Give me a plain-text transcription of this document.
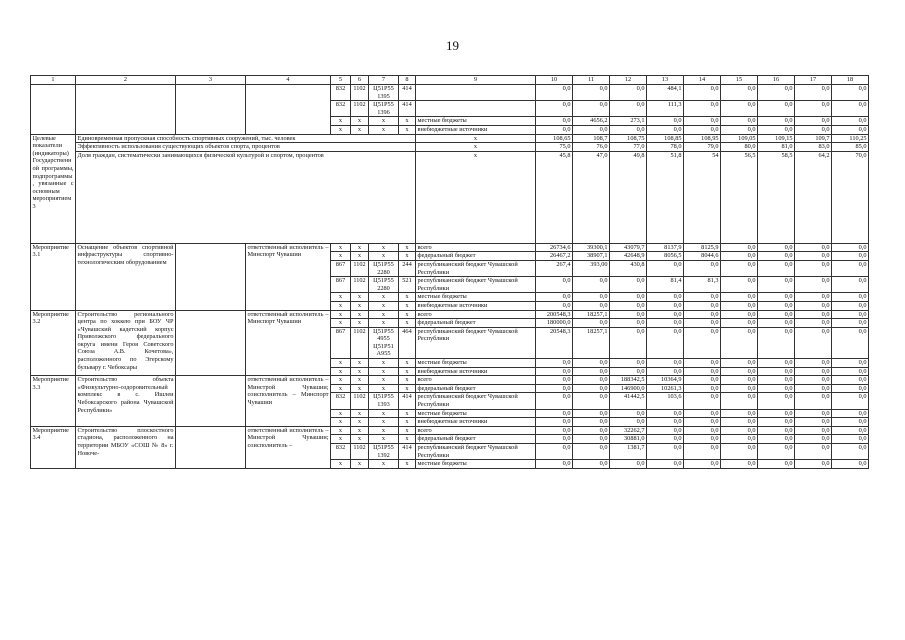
19
1	2	3	4	5	6	7	8	9	10	11	12	13	14	15	16	17	18
				832	1102	Ц51Р55 1395	414		0,0	0,0	0,0	484,1	0,0	0,0	0,0	0,0	0,0
				832	1102	Ц51Р55 1396	414		0,0	0,0	0,0	111,3	0,0	0,0	0,0	0,0	0,0
				x	x	x	x	местные бюджеты	0,0	4656,2	273,1	0,0	0,0	0,0	0,0	0,0	0,0
				x	x	x	x	внебюджетные источники	0,0	0,0	0,0	0,0	0,0	0,0	0,0	0,0	0,0
Целевые показатели (индикаторы) Государственной программы, подпрограммы, увязанные с основным мероприятием 3	Единовременная пропускная способность спортивных сооружений, тыс. человек							x	108,65	108,7	108,75	108,85	108,95	109,05	109,15	109,7	110,25
	Эффективность использования существующих объектов спорта, процентов							x	75,0	76,0	77,0	78,0	79,0	80,0	81,0	83,0	85,0
	Доля граждан, систематически занимающихся физической культурой и спортом, процентов							x	45,8	47,0	49,8	51,8	54	56,5	58,5	64,2	70,0
Мероприятие 3.1	Оснащение объектов спортивной инфраструктуры спортивно-технологическим оборудованием		ответственный исполнитель – Минспорт Чувашии	x	x	x	x	всего	26734,6	39300,1	43079,7	8137,9	8125,9	0,0	0,0	0,0	0,0
				x	x	x	x	федеральный бюджет	26467,2	38907,1	42648,9	8056,5	8044,6	0,0	0,0	0,0	0,0
				867	1102	Ц51Р55 2280	244	республиканский бюджет Чувашской Республики	267,4	393,00	430,8	0,0	0,0	0,0	0,0	0,0	0,0
				867	1102	Ц51Р55 2280	521	республиканский бюджет Чувашской Республики	0,0	0,0	0,0	81,4	81,3	0,0	0,0	0,0	0,0
				x	x	x	x	местные бюджеты	0,0	0,0	0,0	0,0	0,0	0,0	0,0	0,0	0,0
				x	x	x	x	внебюджетные источники	0,0	0,0	0,0	0,0	0,0	0,0	0,0	0,0	0,0
Мероприятие 3.2	Строительство регионального центра по хоккею при БОУ ЧР «Чувашский кадетский корпус Приволжского федерального округа имени Героя Советского Союза А.В. Кочетова», расположенного по Эгерскому бульвару г. Чебоксары		ответственный исполнитель – Минспорт Чувашии	x	x	x	x	всего	200548,3	18257,1	0,0	0,0	0,0	0,0	0,0	0,0	0,0
				x	x	x	x	федеральный бюджет	180000,0	0,0	0,0	0,0	0,0	0,0	0,0	0,0	0,0
				867	1102	Ц51Р55 4955 Ц51Р51 А955	464	республиканский бюджет Чувашской Республики	20548,3	18257,1	0,0	0,0	0,0	0,0	0,0	0,0	0,0
				x	x	x	x	местные бюджеты	0,0	0,0	0,0	0,0	0,0	0,0	0,0	0,0	0,0
				x	x	x	x	внебюджетные источники	0,0	0,0	0,0	0,0	0,0	0,0	0,0	0,0	0,0
Мероприятие 3.3	Строительство объекта «Физкультурно-оздоровительный комплекс в с. Ишлеи Чебоксарского района Чувашской Республики»		ответственный исполнитель – Минстрой Чувашии; соисполнитель – Минспорт Чувашии	x	x	x	x	всего	0,0	0,0	188342,5	10364,9	0,0	0,0	0,0	0,0	0,0
				x	x	x	x	федеральный бюджет	0,0	0,0	146900,0	10261,3	0,0	0,0	0,0	0,0	0,0
				832	1102	Ц51Р55 1393	414	республиканский бюджет Чувашской Республики	0,0	0,0	41442,5	103,6	0,0	0,0	0,0	0,0	0,0
				x	x	x	x	местные бюджеты	0,0	0,0	0,0	0,0	0,0	0,0	0,0	0,0	0,0
				x	x	x	x	внебюджетные источники	0,0	0,0	0,0	0,0	0,0	0,0	0,0	0,0	0,0
Мероприятие 3.4	Строительство плоскостного стадиона, расположенного на территории МБОУ «СОШ № 8» г. Новоче-		ответственный исполнитель – Минстрой Чувашии; соисполнитель –	x	x	x	x	всего	0,0	0,0	32262,7	0,0	0,0	0,0	0,0	0,0	0,0
				x	x	x	x	федеральный бюджет	0,0	0,0	30881,0	0,0	0,0	0,0	0,0	0,0	0,0
				832	1102	Ц51Р55 1392	414	республиканский бюджет Чувашской Республики	0,0	0,0	1381,7	0,0	0,0	0,0	0,0	0,0	0,0
				x	x	x	x	местные бюджеты	0,0	0,0	0,0	0,0	0,0	0,0	0,0	0,0	0,0
